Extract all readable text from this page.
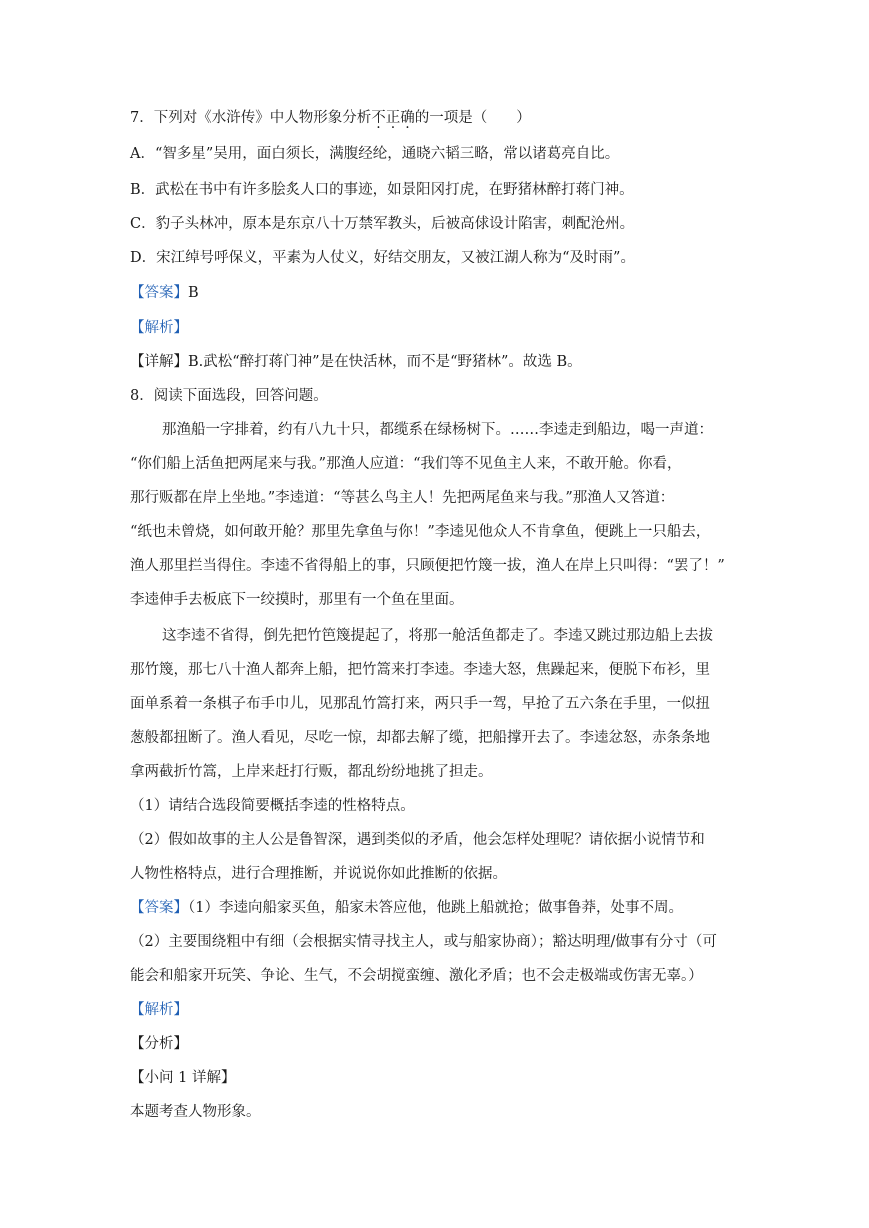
7．下列对《水浒传》中人物形象分析不正确的一项是（　　）
A．“智多星”吴用，面白须长，满腹经纶，通晓六韬三略，常以诸葛亮自比。
B．武松在书中有许多脍炙人口的事迹，如景阳冈打虎，在野猪林醉打蒋门神。
C．豹子头林冲，原本是东京八十万禁军教头，后被高俅设计陷害，刺配沧州。
D．宋江绰号呼保义，平素为人仗义，好结交朋友，又被江湖人称为“及时雨”。
【答案】B
【解析】
【详解】B.武松“醉打蒋门神”是在快活林，而不是“野猪林”。故选 B。
8．阅读下面选段，回答问题。
那渔船一字排着，约有八九十只，都缆系在绿杨树下。……李逵走到船边，喝一声道：
“你们船上活鱼把两尾来与我。”那渔人应道：“我们等不见鱼主人来，不敢开舱。你看，
那行贩都在岸上坐地。”李逵道：“等甚么鸟主人！先把两尾鱼来与我。”那渔人又答道：
“纸也未曾烧，如何敢开舱？那里先拿鱼与你！”李逵见他众人不肯拿鱼，便跳上一只船去，
渔人那里拦当得住。李逵不省得船上的事，只顾便把竹篾一拔，渔人在岸上只叫得：“罢了！”
李逵伸手去板底下一绞摸时，那里有一个鱼在里面。
这李逵不省得，倒先把竹笆篾提起了，将那一舱活鱼都走了。李逵又跳过那边船上去拔
那竹篾，那七八十渔人都奔上船，把竹篙来打李逵。李逵大怒，焦躁起来，便脱下布衫，里
面单系着一条棋子布手巾儿，见那乱竹篙打来，两只手一驾，早抢了五六条在手里，一似扭
葱般都扭断了。渔人看见，尽吃一惊，却都去解了缆，把船撑开去了。李逵忿怒，赤条条地
拿两截折竹篙，上岸来赶打行贩，都乱纷纷地挑了担走。
（1）请结合选段简要概括李逵的性格特点。
（2）假如故事的主人公是鲁智深，遇到类似的矛盾，他会怎样处理呢？请依据小说情节和
人物性格特点，进行合理推断，并说说你如此推断的依据。
【答案】（1）李逵向船家买鱼，船家未答应他，他跳上船就抢；做事鲁莽，处事不周。
（2）主要围绕粗中有细（会根据实情寻找主人，或与船家协商）；豁达明理/做事有分寸（可
能会和船家开玩笑、争论、生气，不会胡搅蛮缠、激化矛盾；也不会走极端或伤害无辜。）
【解析】
【分析】
【小问 1 详解】
本题考查人物形象。
